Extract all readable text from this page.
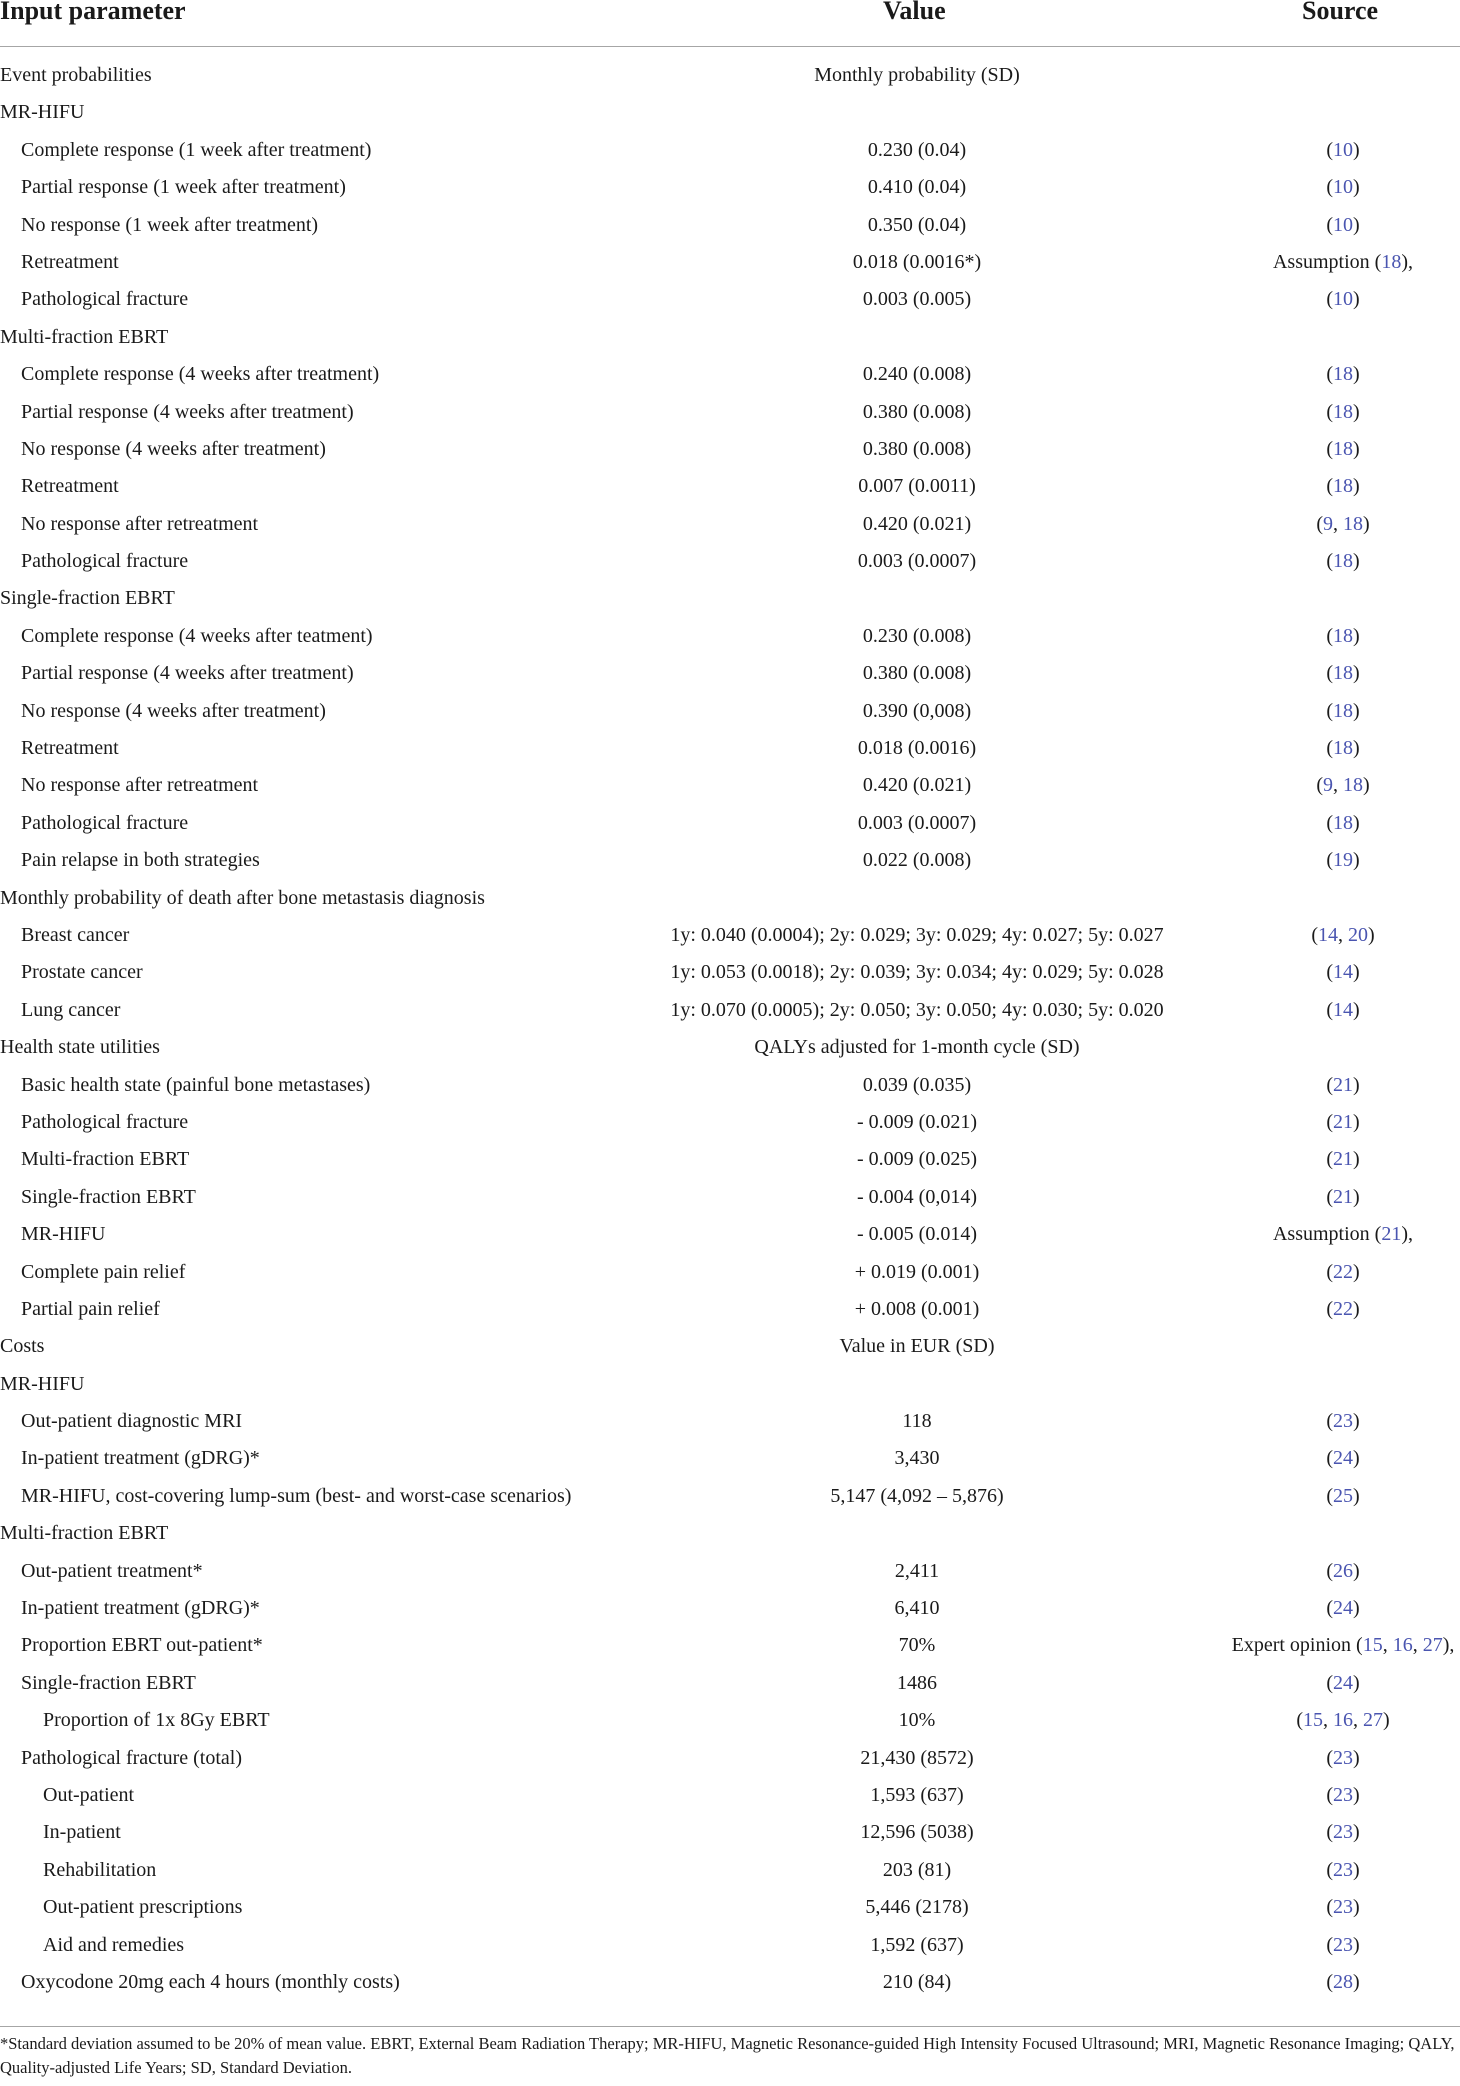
Input parameter	Value	Source
Event probabilities	Monthly probability (SD)
MR-HIFU
Complete response (1 week after treatment)	0.230 (0.04)	(10)
Partial response (1 week after treatment)	0.410 (0.04)	(10)
No response (1 week after treatment)	0.350 (0.04)	(10)
Retreatment	0.018 (0.0016*)	Assumption (18),
Pathological fracture	0.003 (0.005)	(10)
Multi-fraction EBRT
Complete response (4 weeks after treatment)	0.240 (0.008)	(18)
Partial response (4 weeks after treatment)	0.380 (0.008)	(18)
No response (4 weeks after treatment)	0.380 (0.008)	(18)
Retreatment	0.007 (0.0011)	(18)
No response after retreatment	0.420 (0.021)	(9, 18)
Pathological fracture	0.003 (0.0007)	(18)
Single-fraction EBRT
Complete response (4 weeks after teatment)	0.230 (0.008)	(18)
Partial response (4 weeks after treatment)	0.380 (0.008)	(18)
No response (4 weeks after treatment)	0.390 (0,008)	(18)
Retreatment	0.018 (0.0016)	(18)
No response after retreatment	0.420 (0.021)	(9, 18)
Pathological fracture	0.003 (0.0007)	(18)
Pain relapse in both strategies	0.022 (0.008)	(19)
Monthly probability of death after bone metastasis diagnosis
Breast cancer	1y: 0.040 (0.0004); 2y: 0.029; 3y: 0.029; 4y: 0.027; 5y: 0.027	(14, 20)
Prostate cancer	1y: 0.053 (0.0018); 2y: 0.039; 3y: 0.034; 4y: 0.029; 5y: 0.028	(14)
Lung cancer	1y: 0.070 (0.0005); 2y: 0.050; 3y: 0.050; 4y: 0.030; 5y: 0.020	(14)
Health state utilities	QALYs adjusted for 1-month cycle (SD)
Basic health state (painful bone metastases)	0.039 (0.035)	(21)
Pathological fracture	- 0.009 (0.021)	(21)
Multi-fraction EBRT	- 0.009 (0.025)	(21)
Single-fraction EBRT	- 0.004 (0,014)	(21)
MR-HIFU	- 0.005 (0.014)	Assumption (21),
Complete pain relief	+ 0.019 (0.001)	(22)
Partial pain relief	+ 0.008 (0.001)	(22)
Costs	Value in EUR (SD)
MR-HIFU
Out-patient diagnostic MRI	118	(23)
In-patient treatment (gDRG)*	3,430	(24)
MR-HIFU, cost-covering lump-sum (best- and worst-case scenarios)	5,147 (4,092 – 5,876)	(25)
Multi-fraction EBRT
Out-patient treatment*	2,411	(26)
In-patient treatment (gDRG)*	6,410	(24)
Proportion EBRT out-patient*	70%	Expert opinion (15, 16, 27),
Single-fraction EBRT	1486	(24)
Proportion of 1x 8Gy EBRT	10%	(15, 16, 27)
Pathological fracture (total)	21,430 (8572)	(23)
Out-patient	1,593 (637)	(23)
In-patient	12,596 (5038)	(23)
Rehabilitation	203 (81)	(23)
Out-patient prescriptions	5,446 (2178)	(23)
Aid and remedies	1,592 (637)	(23)
Oxycodone 20mg each 4 hours (monthly costs)	210 (84)	(28)
*Standard deviation assumed to be 20% of mean value. EBRT, External Beam Radiation Therapy; MR-HIFU, Magnetic Resonance-guided High Intensity Focused Ultrasound; MRI, Magnetic Resonance Imaging; QALY, Quality-adjusted Life Years; SD, Standard Deviation.
